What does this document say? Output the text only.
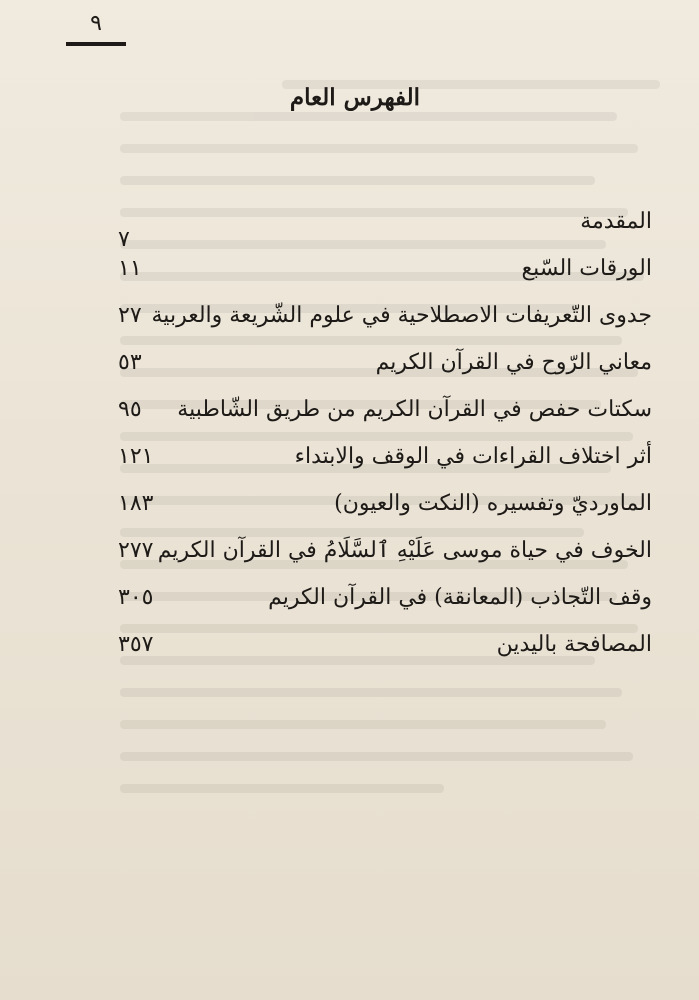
٩
الفهرس العام
المقدمة
٧
الورقات السّبع
١١
جدوى التّعريفات الاصطلاحية في علوم الشّريعة والعربية
٢٧
معاني الرّوح في القرآن الكريم
٥٣
سكتات حفص في القرآن الكريم من طريق الشّاطبية
٩٥
أثر اختلاف القراءات في الوقف والابتداء
١٢١
الماورديّ وتفسيره (النكت والعيون)
١٨٣
الخوف في حياة موسى عَلَيْهِ ٱلسَّلَامُ في القرآن الكريم
٢٧٧
وقف التّجاذب (المعانقة) في القرآن الكريم
٣٠٥
المصافحة باليدين
٣٥٧
